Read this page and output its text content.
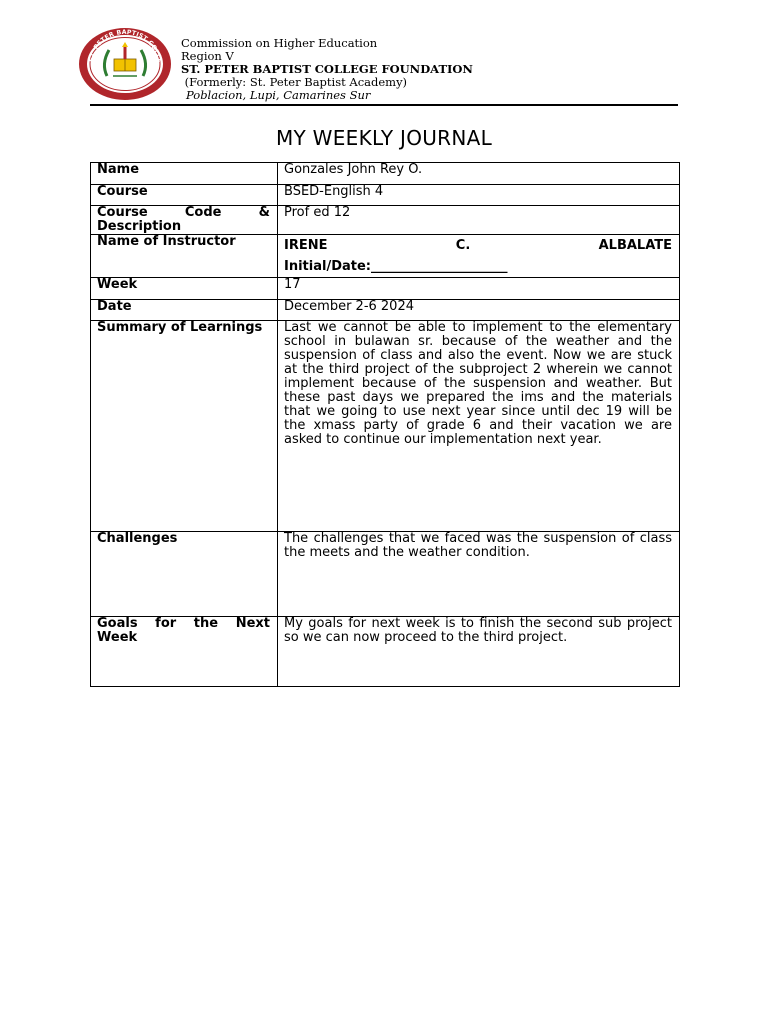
ST. PETER BAPTIST COLLE
Commission on Higher Education
Region V
ST. PETER BAPTIST COLLEGE FOUNDATION
(Formerly: St. Peter Baptist Academy)
Poblacion, Lupi, Camarines Sur
MY WEEKLY JOURNAL
Name	Gonzales John Rey O.
Course	BSED-English 4
Course Code & Description	Prof ed 12
Name of Instructor	IRENE C. ALBALATE
Initial/Date:_____________________

Week	17
Date	December 2-6 2024
Summary of Learnings	Last we cannot be able to implement to the elementary school in bulawan sr. because of the weather and the suspension of class and also the event. Now we are stuck at the third project of the subproject 2 wherein we cannot implement because of the suspension and weather. But these past days we prepared the ims and the materials that we going to use next year since until dec 19 will be the xmass party of grade 6 and their vacation we are asked to continue our implementation next year.
Challenges	The challenges that we faced was the suspension of class the meets and the weather condition.
Goals for the Next Week	My goals for next week is to finish the second sub project so we can now proceed to the third project.
